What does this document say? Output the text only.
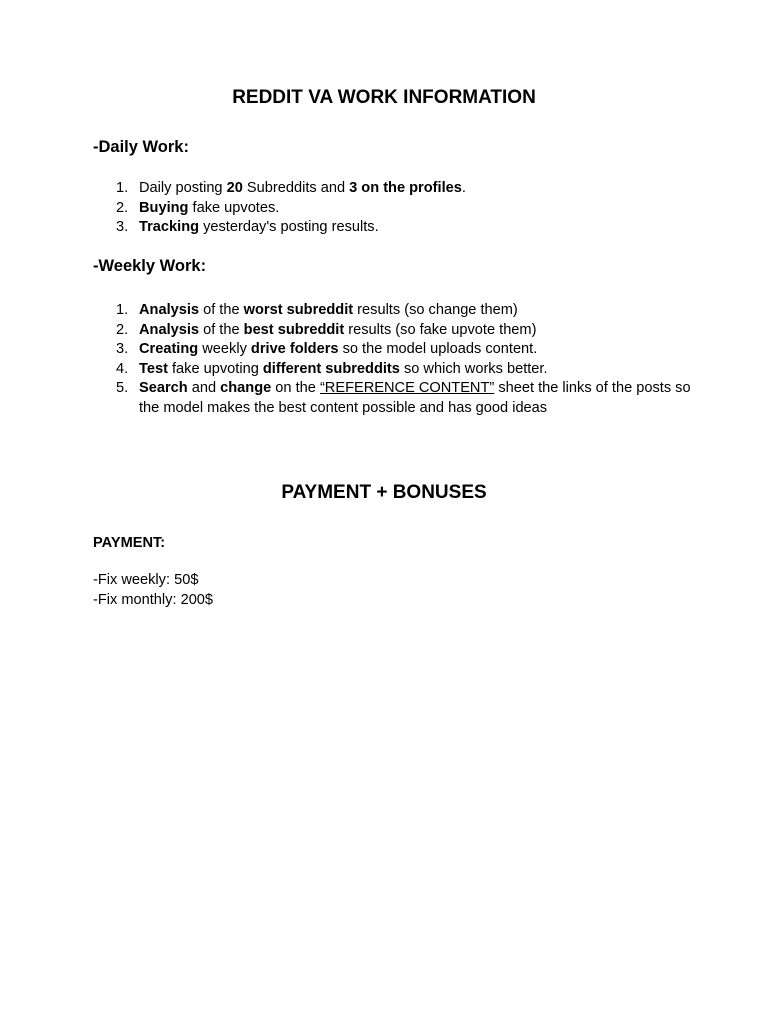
REDDIT VA WORK INFORMATION
-Daily Work:
1. Daily posting 20 Subreddits and 3 on the profiles.
2. Buying fake upvotes.
3. Tracking yesterday's posting results.
-Weekly Work:
1. Analysis of the worst subreddit results (so change them)
2. Analysis of the best subreddit results (so fake upvote them)
3. Creating weekly drive folders so the model uploads content.
4. Test fake upvoting different subreddits so which works better.
5. Search and change on the “REFERENCE CONTENT” sheet the links of the posts so the model makes the best content possible and has good ideas
PAYMENT + BONUSES

PAYMENT:

-Fix weekly: 50$
-Fix monthly: 200$
